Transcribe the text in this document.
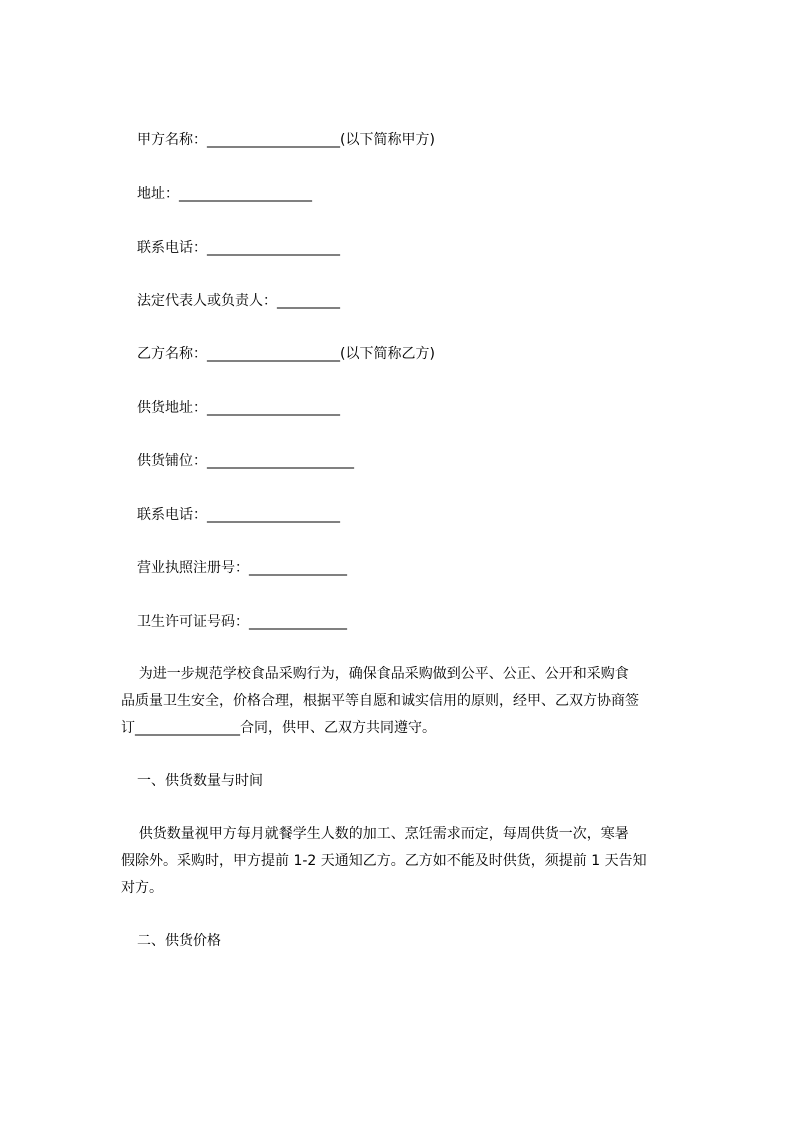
甲方名称：___________________(以下简称甲方)
地址：___________________
联系电话：___________________
法定代表人或负责人：_________
乙方名称：___________________(以下简称乙方)
供货地址：___________________
供货铺位：_____________________
联系电话：___________________
营业执照注册号：______________
卫生许可证号码：______________
为进一步规范学校食品采购行为，确保食品采购做到公平、公正、公开和采购食
品质量卫生安全，价格合理，根据平等自愿和诚实信用的原则，经甲、乙双方协商签
订_______________合同，供甲、乙双方共同遵守。
一、供货数量与时间
供货数量视甲方每月就餐学生人数的加工、烹饪需求而定，每周供货一次，寒暑
假除外。采购时，甲方提前 1-2 天通知乙方。乙方如不能及时供货，须提前 1 天告知
对方。
二、供货价格
